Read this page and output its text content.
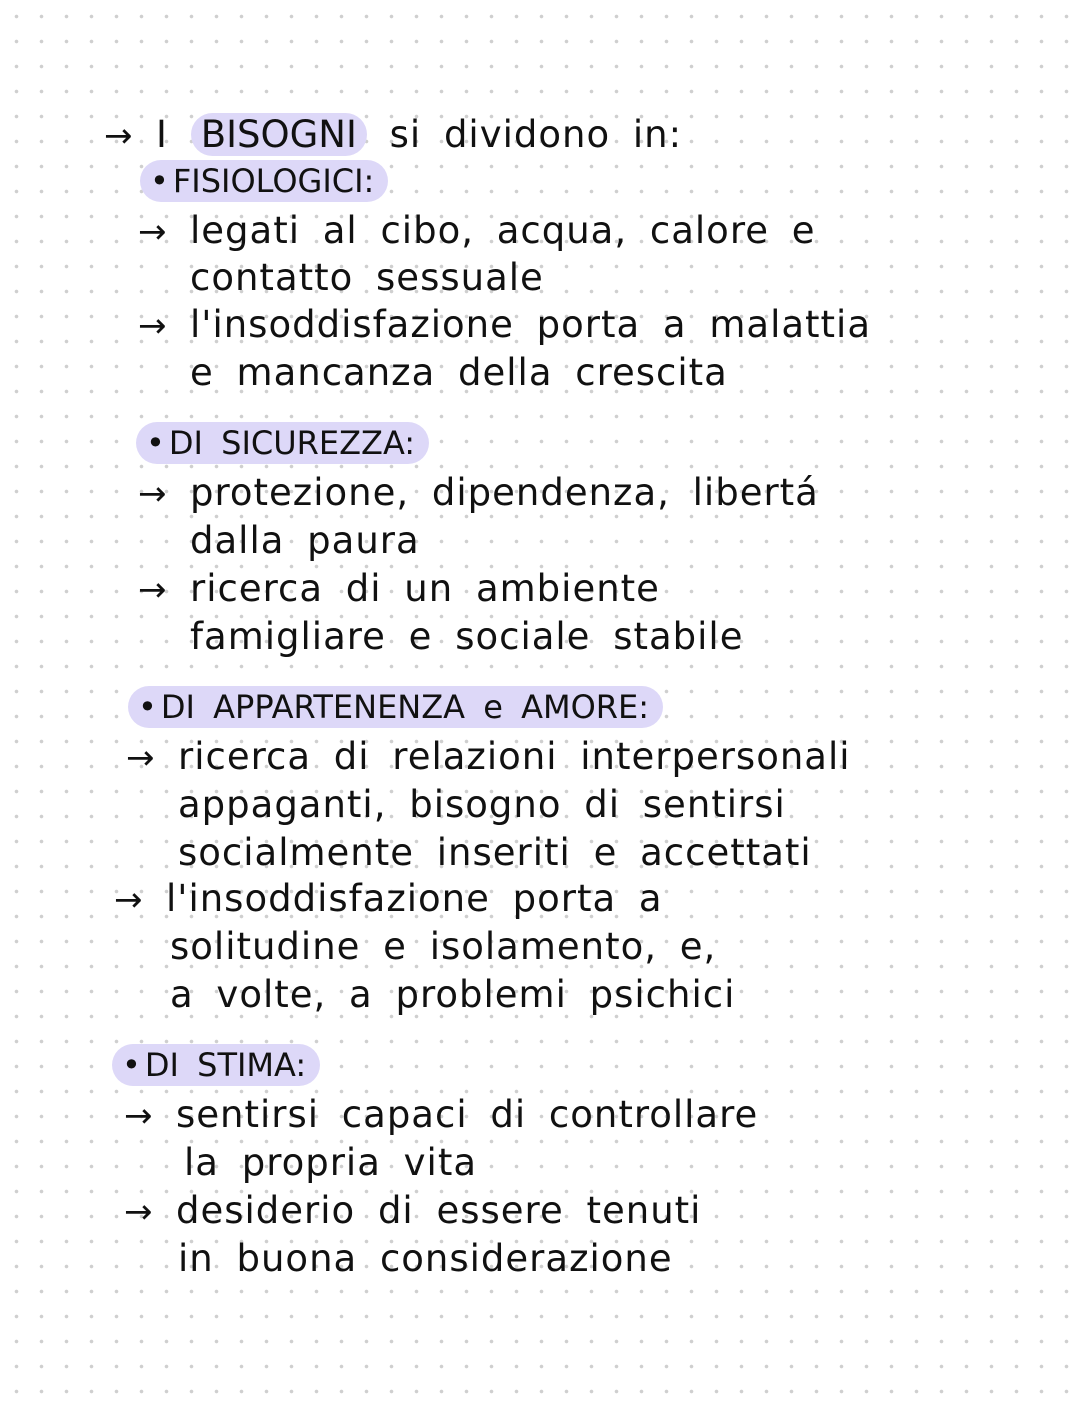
→ I BISOGNI si dividono in:
• FISIOLOGICI:
→ legati al cibo, acqua, calore e
contatto sessuale
→ l'insoddisfazione porta a malattia
e mancanza della crescita
• DI SICUREZZA:
→ protezione, dipendenza, libertá
dalla paura
→ ricerca di un ambiente
famigliare e sociale stabile
• DI APPARTENENZA e AMORE:
→ ricerca di relazioni interpersonali
appaganti, bisogno di sentirsi
socialmente inseriti e accettati
→ l'insoddisfazione porta a
solitudine e isolamento, e,
a volte, a problemi psichici
• DI STIMA:
→ sentirsi capaci di controllare
la propria vita
→ desiderio di essere tenuti
in buona considerazione
